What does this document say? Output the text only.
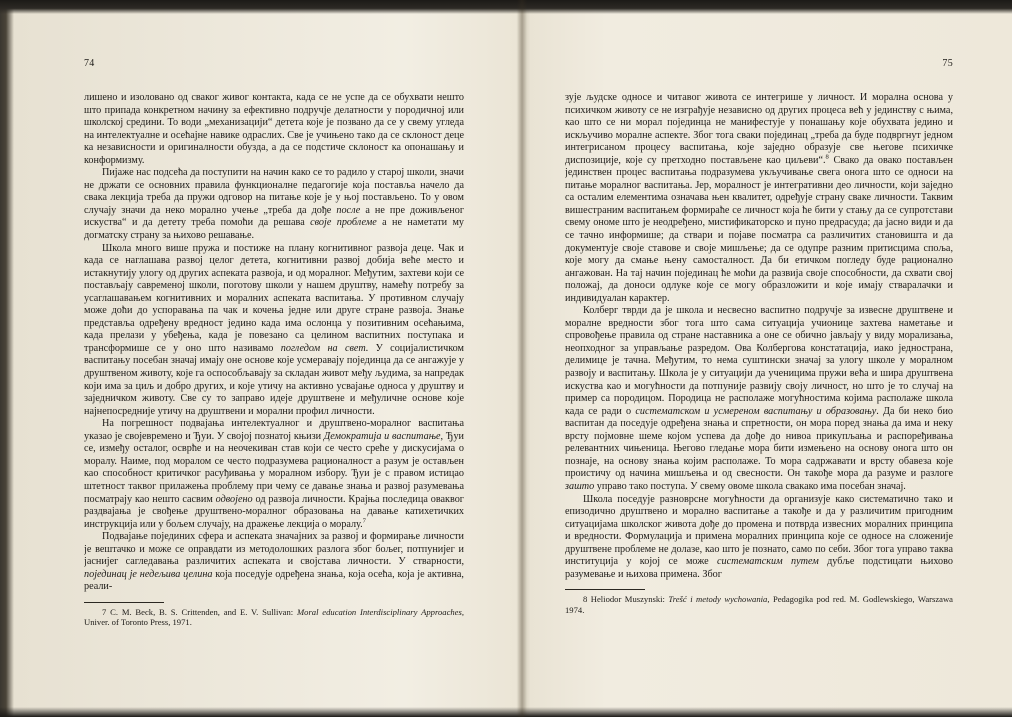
74

лишено и изоловано од сваког живог контакта, када се не успе да се обухвати нешто што припада конкретном начину за ефективно подручје делатности у породичној или школској средини. То води „механизацији“ детета које је позвано да се у свему угледа на интелектуалне и осећајне навике одраслих. Све је учињено тако да се склоност деце ка независности и оригиналности обузда, а да се подстиче склоност ка опонашању и конформизму.

Пијаже нас подсећа да поступити на начин како се то радило у старој школи, значи не држати се основних правила функционалне педагогије која поставља начело да свака лекција треба да пружи одговор на питање које је у њој постављено. То у овом случају значи да неко морално учење „треба да дође после а не пре доживљеног искуства“ и да детету треба помоћи да решава своје проблеме а не наметати му догматску страну за њихово решавање.

Школа много више пружа и постиже на плану когнитивног развоја деце. Чак и када се наглашава развој целог детета, когнитивни развој добија веће место и истакнутију улогу од других аспеката развоја, и од моралног. Међутим, захтеви који се постављају савременој школи, поготову школи у нашем друштву, намећу потребу за усаглашавањем когнитивних и моралних аспеката васпитања. У противном случају може доћи до успоравања па чак и кочења једне или друге стране развоја. Знање представља одређену вредност једино када има ослонца у позитивним осећањима, када прелази у убеђења, када је повезано са целином васпитних поступака и трансформише се у оно што називамо погледом на свет. У социјалистичком васпитању посебан значај имају оне основе које усмеравају појединца да се ангажује у друштвеном животу, које га оспособљавају за складан живот међу људима, за напредак који има за циљ и добро других, и које утичу на активно усвајање односа у друштву и заједничком животу. Све су то заправо идеје друштвене и међуличне основе које најнепосредније утичу на друштвени и морални профил личности.

На погрешност подвајања интелектуалног и друштвено-моралног васпитања указао је својевремено и Ђуи. У својој познатој књизи Демократија и васпитање, Ђуи се, између осталог, осврће и на неочекиван став који се често среће у дискусијама о моралу. Наиме, под моралом се често подразумева рационалност а разум је остављен као способност критичког расуђивања у моралном избору. Ђуи је с правом истицао штетност таквог прилажења проблему при чему се давање знања и развој разумевања посматрају као нешто сасвим одвојено од развоја личности. Крајња последица оваквог раздвајања је свођење друштвено-моралног образовања на давање катихетичких инструкција или у бољем случају, на дражење лекција о моралу.$^7$

Подвајање појединих сфера и аспеката значајних за развој и формирање личности је вештачко и може се оправдати из методолошких разлога због бољег, потпунијег и јаснијег сагледавања различитих аспеката и својстава личности. У стварности, појединац је недељива целина која поседује одређена знања, која осећа, која је активна, реали-

7 C. M. Beck, B. S. Crittenden, and E. V. Sullivan: Moral education Interdisciplinary Approaches, Univer. of Toronto Press, 1971.

75

зује људске односе и читавог живота се интегрише у личност. И морална основа у психичком животу се не изграђује независно од других процеса већ у јединству с њима, као што се ни морал појединца не манифестује у понашању које обухвата једино и искључиво моралне аспекте. Због тога сваки појединац „треба да буде подвргнут једном интегрисаном процесу васпитања, које заједно образује све његове психичке диспозиције, које су претходно постављене као циљеви“.$^8$ Свако да овако постављен јединствен процес васпитања подразумева укључивање свега онога што се односи на питање моралног васпитања. Јер, моралност је интегративни део личности, који заједно са осталим елементима означава њен квалитет, одређује страну сваке личности. Таквим вишестраним васпитањем формираће се личност која ће бити у стању да се супротстави свему ономе што је неодређено, мистификаторско и пуно предрасуда; да јасно види и да се тачно информише; да ствари и појаве посматра са различитих становишта и да документује своје ставове и своје мишљење; да се одупре разним притисцима споља, које могу да смање њену самосталност. Да би етичком погледу буде рационално ангажован. На тај начин појединац ће моћи да развија своје способности, да схвати свој положај, да доноси одлуке које се могу образложити и које имају стваралачки и индивидуалан карактер.

Колберг тврди да је школа и несвесно васпитно подручје за извесне друштвене и моралне вредности због тога што сама ситуација учионице захтева наметање и спровођење правила од стране наставника а оне се обично јављају у виду морализања, неопходног за управљање разредом. Ова Колбергова констатација, иако једнострана, делимице је тачна. Међутим, то нема суштински значај за улогу школе у моралном развоју и васпитању. Школа је у ситуацији да ученицима пружи већа и шира друштвена искуства као и могућности да потпуније развију своју личност, но што је то случај на пример са породицом. Породица не располаже могућностима којима располаже школа када се ради о систематском и усмереном васпитању и образовању. Да би неко био васпитан да поседује одређена знања и спретности, он мора поред знања да има и неку врсту појмовне шеме којом успева да дође до нивоа прикупљања и распоређивања релевантних чињеница. Његово гледање мора бити измењено на основу онога што он познаје, на основу знања којим располаже. То мора садржавати и врсту обавеза које проистичу од начина мишљења и од свесности. Он такође мора да разуме и разлоге зашто управо тако поступа. У свему овоме школа свакако има посебан значај.

Школа поседује разноврсне могућности да организује како систематично тако и епизодично друштвено и морално васпитање а такође и да у различитим пригодним ситуацијама школског живота дође до промена и потврда извесних моралних принципа и вредности. Формулација и примена моралних принципа које се односе на сложеније друштвене проблеме не долазе, као што је познато, само по себи. Због тога управо таква институција у којој се може систематским путем дубље подстицати њихово разумевање и њихова примена. Због

8 Heliodor Muszynski: Trešć i metody wychowania, Pedagogika pod red. M. Godlewskiego, Warszawa 1974.
